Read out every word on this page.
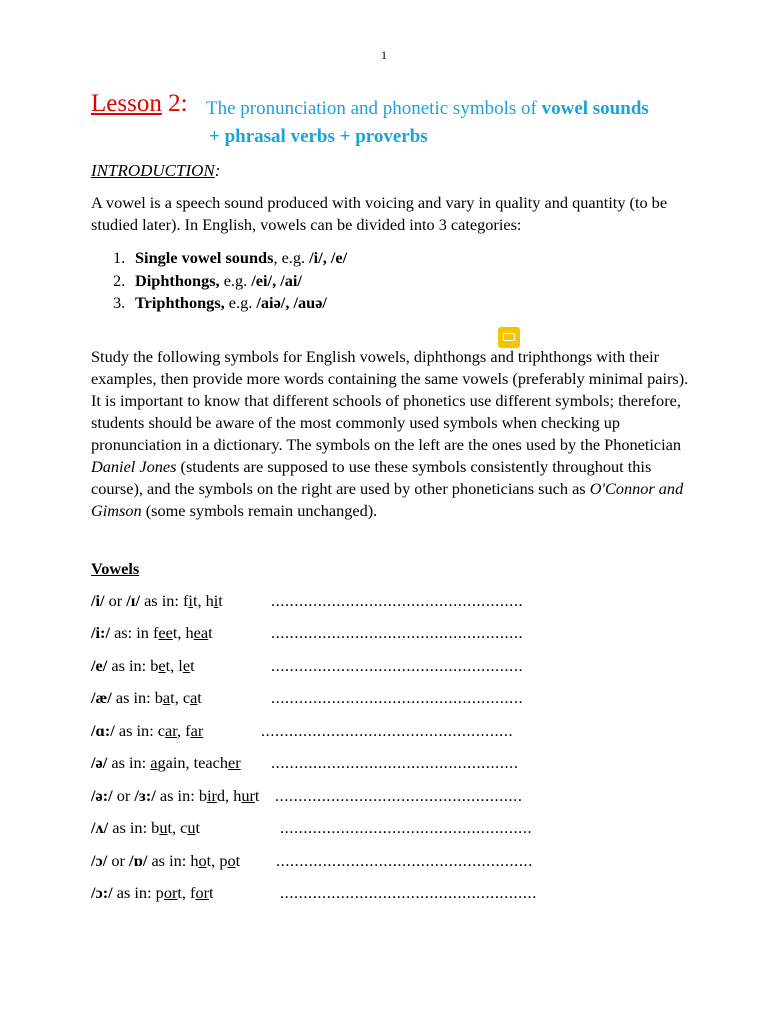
1
Lesson 2: The pronunciation and phonetic symbols of vowel sounds
+ phrasal verbs + proverbs
INTRODUCTION:
A vowel is a speech sound produced with voicing and vary in quality and quantity (to be studied later). In English, vowels can be divided into 3 categories:
1. Single vowel sounds, e.g. /i/, /e/
2. Diphthongs, e.g. /ei/, /ai/
3. Triphthongs, e.g. /aiə/, /auə/
Study the following symbols for English vowels, diphthongs and triphthongs with their examples, then provide more words containing the same vowels (preferably minimal pairs).
It is important to know that different schools of phonetics use different symbols; therefore, students should be aware of the most commonly used symbols when checking up pronunciation in a dictionary. The symbols on the left are the ones used by the Phonetician Daniel Jones (students are supposed to use these symbols consistently throughout this course), and the symbols on the right are used by other phoneticians such as O'Connor and Gimson (some symbols remain unchanged).
Vowels
/i/ or /ɪ/ as in: fit, hit	......................................................
/i:/ as: in feet, heat	......................................................
/e/ as in: bet, let	......................................................
/æ/ as in: bat, cat	......................................................
/ɑ:/ as in: car, far	......................................................
/ə/ as in: again, teacher .....................................................
/ə:/ or /ɜ:/ as in: bird, hurt .....................................................
/ʌ/ as in: but, cut	......................................................
/ɔ/ or /ɒ/ as in: hot, pot .......................................................
/ɔ:/ as in: port, fort	.......................................................
